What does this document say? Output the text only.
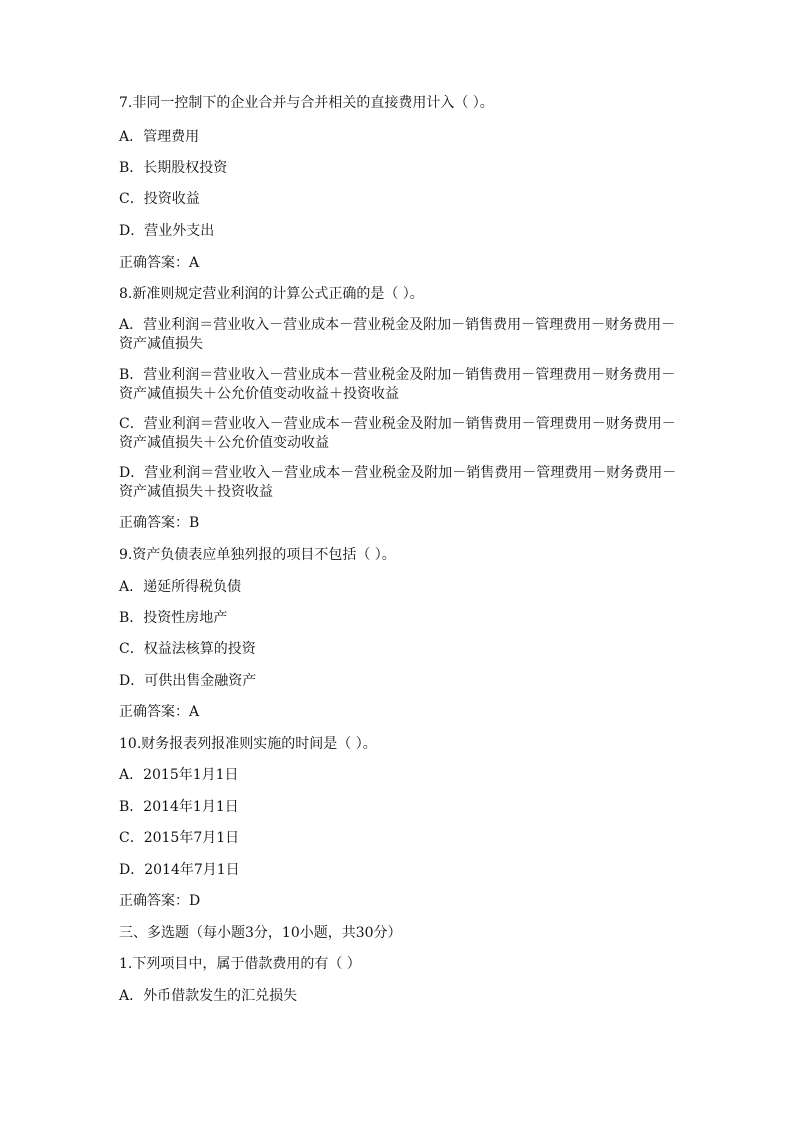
7.非同一控制下的企业合并与合并相关的直接费用计入（ ）。
A．管理费用
B．长期股权投资
C．投资收益
D．营业外支出
正确答案：A
8.新准则规定营业利润的计算公式正确的是（ ）。
A．营业利润＝营业收入－营业成本－营业税金及附加－销售费用－管理费用－财务费用－资产减值损失
B．营业利润＝营业收入－营业成本－营业税金及附加－销售费用－管理费用－财务费用－资产减值损失＋公允价值变动收益＋投资收益
C．营业利润＝营业收入－营业成本－营业税金及附加－销售费用－管理费用－财务费用－资产减值损失＋公允价值变动收益
D．营业利润＝营业收入－营业成本－营业税金及附加－销售费用－管理费用－财务费用－资产减值损失＋投资收益
正确答案：B
9.资产负债表应单独列报的项目不包括（ ）。
A．递延所得税负债
B．投资性房地产
C．权益法核算的投资
D．可供出售金融资产
正确答案：A
10.财务报表列报准则实施的时间是（ ）。
A．2015年1月1日
B．2014年1月1日
C．2015年7月1日
D．2014年7月1日
正确答案：D
三、多选题（每小题3分，10小题，共30分）
1.下列项目中，属于借款费用的有（ ）
A．外币借款发生的汇兑损失
